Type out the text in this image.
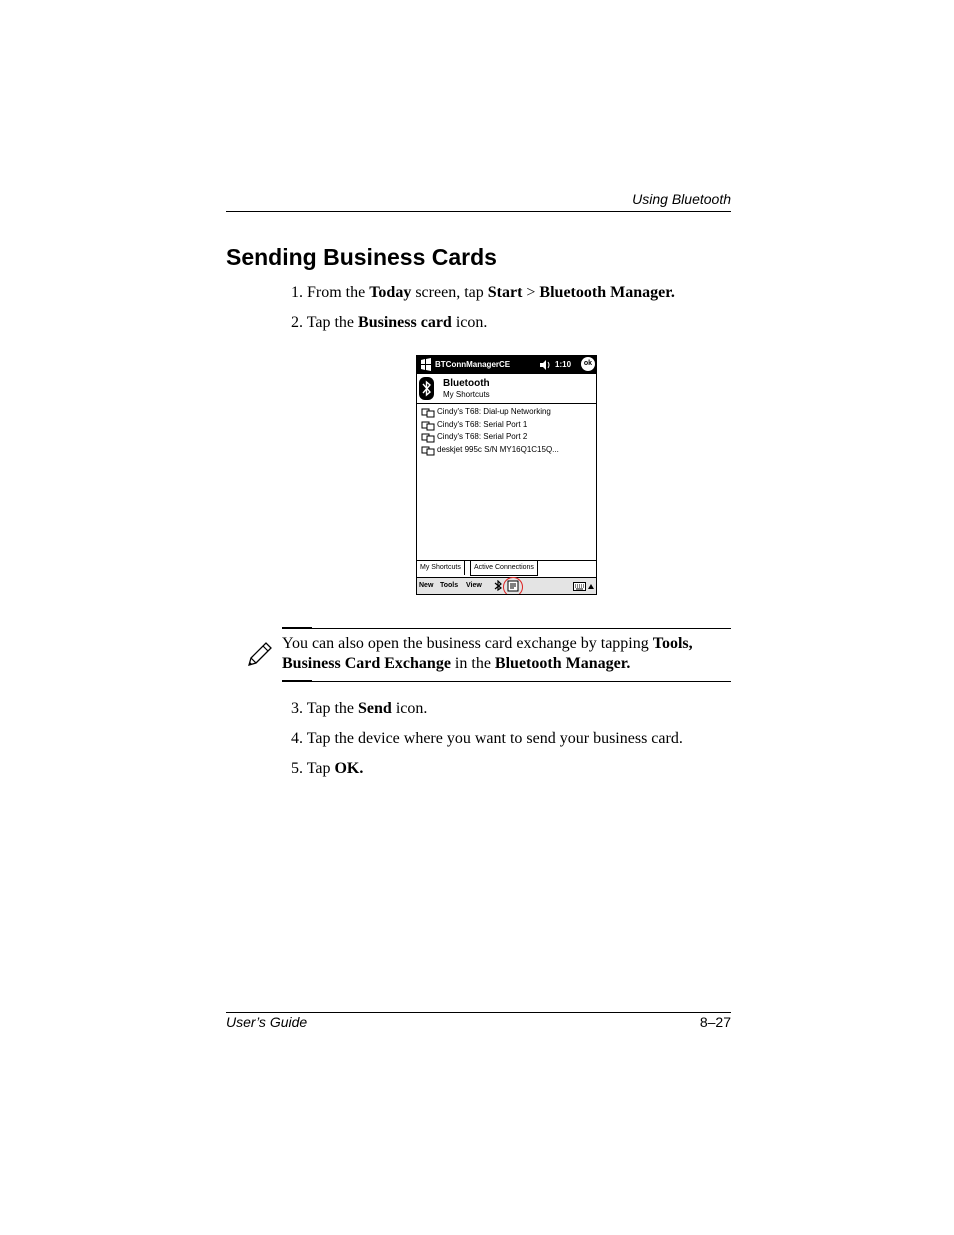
Using Bluetooth
Sending Business Cards
1. From the Today screen, tap Start > Bluetooth Manager.
2. Tap the Business card icon.
BTConnManagerCE	1:10	ok
Bluetooth
My Shortcuts
Cindy's T68: Dial-up Networking
Cindy's T68: Serial Port 1
Cindy's T68: Serial Port 2
deskjet 995c S/N MY16Q1C15Q...
My Shortcuts	Active Connections
New Tools View
You can also open the business card exchange by tapping Tools, Business Card Exchange in the Bluetooth Manager.
3. Tap the Send icon.
4. Tap the device where you want to send your business card.
5. Tap OK.
User’s Guide	8–27
